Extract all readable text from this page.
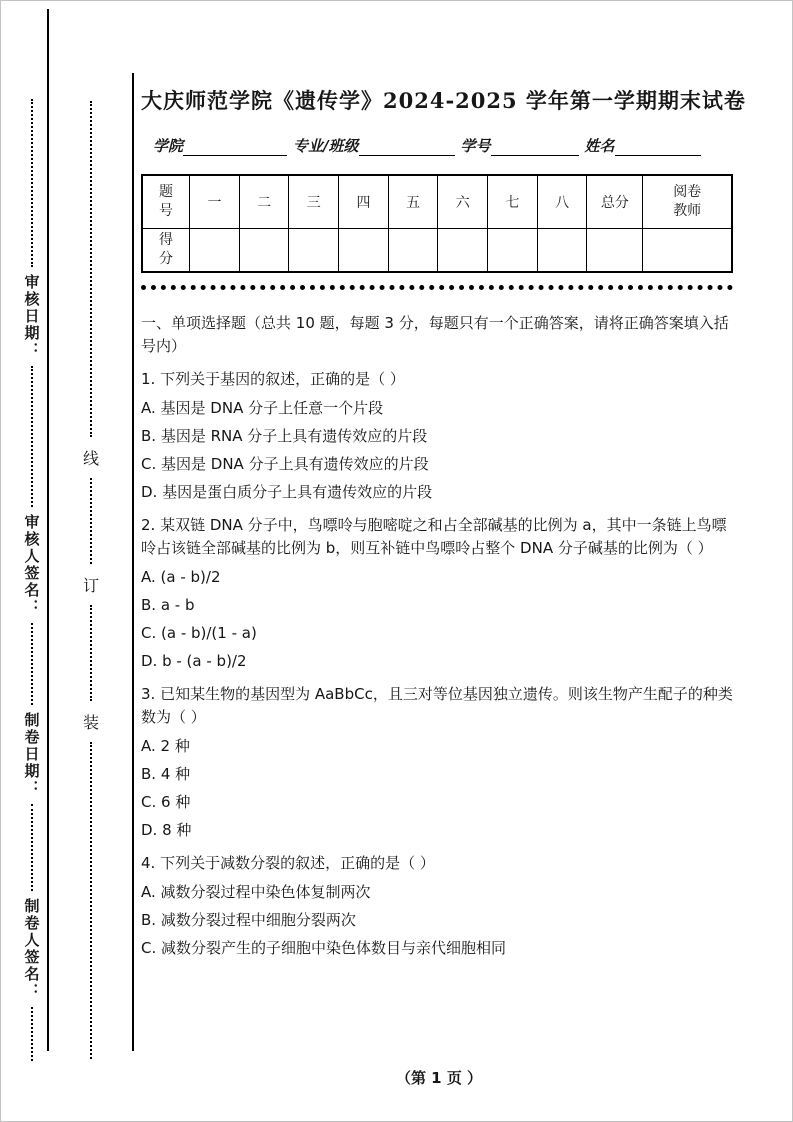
审核日期：
审核人签名：
制卷日期：
制卷人签名：
线
订
装
大庆师范学院《遗传学》2024-2025 学年第一学期期末试卷
学院	专业/班级	学号	姓名
题号	一	二	三	四	五	六	七	八	总分	阅卷教师
得分										

一、单项选择题（总共 10 题，每题 3 分，每题只有一个正确答案，请将正确答案填入括号内）

1. 下列关于基因的叙述，正确的是（ ）

A. 基因是 DNA 分子上任意一个片段

B. 基因是 RNA 分子上具有遗传效应的片段

C. 基因是 DNA 分子上具有遗传效应的片段

D. 基因是蛋白质分子上具有遗传效应的片段

2. 某双链 DNA 分子中，鸟嘌呤与胞嘧啶之和占全部碱基的比例为 a，其中一条链上鸟嘌呤占该链全部碱基的比例为 b，则互补链中鸟嘌呤占整个 DNA 分子碱基的比例为（ ）

A. (a - b)/2

B. a - b

C. (a - b)/(1 - a)

D. b - (a - b)/2

3. 已知某生物的基因型为 AaBbCc，且三对等位基因独立遗传。则该生物产生配子的种类数为（ ）

A. 2 种

B. 4 种

C. 6 种

D. 8 种

4. 下列关于减数分裂的叙述，正确的是（ ）

A. 减数分裂过程中染色体复制两次

B. 减数分裂过程中细胞分裂两次

C. 减数分裂产生的子细胞中染色体数目与亲代细胞相同

（第 1 页 ）
